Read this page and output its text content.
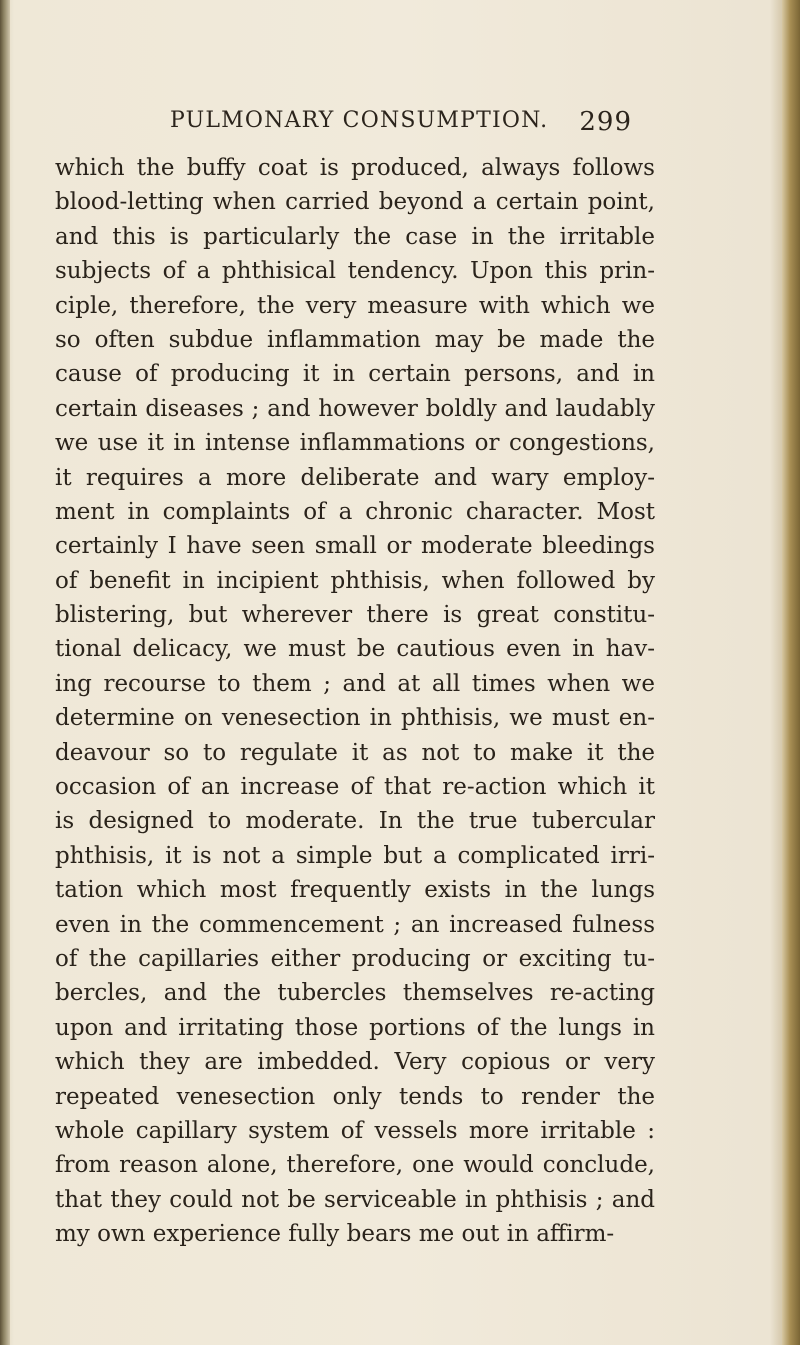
PULMONARY CONSUMPTION. 299
which the buffy coat is produced, always follows
blood-letting when carried beyond a certain point,
and this is particularly the case in the irritable
subjects of a phthisical tendency. Upon this prin-
ciple, therefore, the very measure with which we
so often subdue inflammation may be made the
cause of producing it in certain persons, and in
certain diseases ; and however boldly and laudably
we use it in intense inflammations or congestions,
it requires a more deliberate and wary employ-
ment in complaints of a chronic character. Most
certainly I have seen small or moderate bleedings
of benefit in incipient phthisis, when followed by
blistering, but wherever there is great constitu-
tional delicacy, we must be cautious even in hav-
ing recourse to them ; and at all times when we
determine on venesection in phthisis, we must en-
deavour so to regulate it as not to make it the
occasion of an increase of that re-action which it
is designed to moderate. In the true tubercular
phthisis, it is not a simple but a complicated irri-
tation which most frequently exists in the lungs
even in the commencement ; an increased fulness
of the capillaries either producing or exciting tu-
bercles, and the tubercles themselves re-acting
upon and irritating those portions of the lungs in
which they are imbedded. Very copious or very
repeated venesection only tends to render the
whole capillary system of vessels more irritable :
from reason alone, therefore, one would conclude,
that they could not be serviceable in phthisis ; and
my own experience fully bears me out in affirm-
